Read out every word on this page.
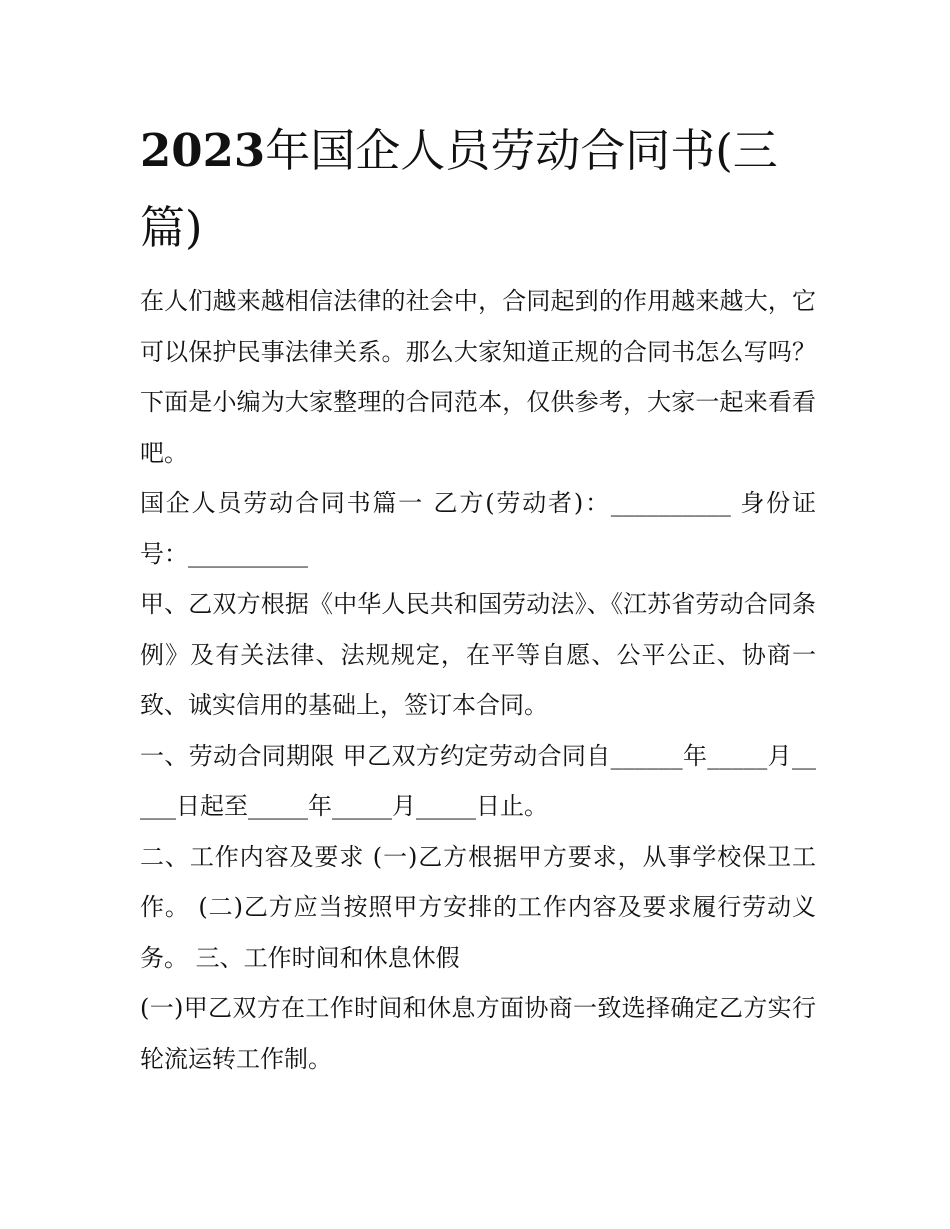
2023年国企人员劳动合同书(三篇)

在人们越来越相信法律的社会中，合同起到的作用越来越大，它可以保护民事法律关系。那么大家知道正规的合同书怎么写吗？下面是小编为大家整理的合同范本，仅供参考，大家一起来看看吧。

国企人员劳动合同书篇一 乙方(劳动者)：__________ 身份证号：__________

甲、乙双方根据《中华人民共和国劳动法》、《江苏省劳动合同条例》及有关法律、法规规定，在平等自愿、公平公正、协商一致、诚实信用的基础上，签订本合同。

一、劳动合同期限 甲乙双方约定劳动合同自______年_____月_____日起至_____年_____月_____日止。

二、工作内容及要求 (一)乙方根据甲方要求，从事学校保卫工作。 (二)乙方应当按照甲方安排的工作内容及要求履行劳动义务。 三、工作时间和休息休假

(一)甲乙双方在工作时间和休息方面协商一致选择确定乙方实行轮流运转工作制。
